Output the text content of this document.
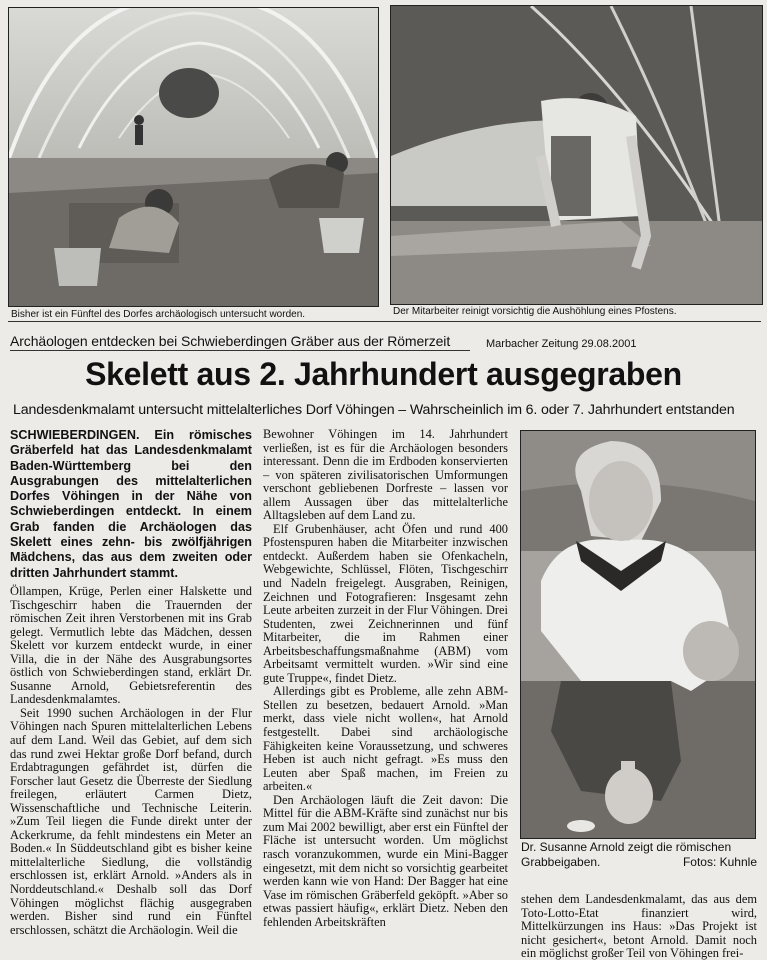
Bisher ist ein Fünftel des Dorfes archäologisch untersucht worden.	Der Mitarbeiter reinigt vorsichtig die Aushöhlung eines Pfostens.
Archäologen entdecken bei Schwieberdingen Gräber aus der Römerzeit	Marbacher Zeitung 29.08.2001
Skelett aus 2. Jahrhundert ausgegraben
Landesdenkmalamt untersucht mittelalterliches Dorf Vöhingen – Wahrscheinlich im 6. oder 7. Jahrhundert entstanden

SCHWIEBERDINGEN. Ein römisches Gräberfeld hat das Landesdenkmalamt Baden-Württemberg bei den Ausgrabungen des mittelalterlichen Dorfes Vöhingen in der Nähe von Schwieberdingen entdeckt. In einem Grab fanden die Archäologen das Skelett eines zehn- bis zwölfjährigen Mädchens, das aus dem zweiten oder dritten Jahrhundert stammt.

Öllampen, Krüge, Perlen einer Halskette und Tischgeschirr haben die Trauernden der römischen Zeit ihren Verstorbenen mit ins Grab gelegt. Vermutlich lebte das Mädchen, dessen Skelett vor kurzem entdeckt wurde, in einer Villa, die in der Nähe des Ausgrabungsortes östlich von Schwieberdingen stand, erklärt Dr. Susanne Arnold, Gebietsreferentin des Landesdenkmalamtes.

Seit 1990 suchen Archäologen in der Flur Vöhingen nach Spuren mittelalterlichen Lebens auf dem Land. Weil das Gebiet, auf dem sich das rund zwei Hektar große Dorf befand, durch Erdabtragungen gefährdet ist, dürfen die Forscher laut Gesetz die Überreste der Siedlung freilegen, erläutert Carmen Dietz, Wissenschaftliche und Technische Leiterin. »Zum Teil liegen die Funde direkt unter der Ackerkrume, da fehlt mindestens ein Meter an Boden.« In Süddeutschland gibt es bisher keine mittelalterliche Siedlung, die vollständig erschlossen ist, erklärt Arnold. »Anders als in Norddeutschland.« Deshalb soll das Dorf Vöhingen möglichst flächig ausgegraben werden. Bisher sind rund ein Fünftel erschlossen, schätzt die Archäologin. Weil die

Bewohner Vöhingen im 14. Jahrhundert verließen, ist es für die Archäologen besonders interessant. Denn die im Erdboden konservierten – von späteren zivilisatorischen Umformungen verschont gebliebenen Dorfreste – lassen vor allem Aussagen über das mittelalterliche Alltagsleben auf dem Land zu.

Elf Grubenhäuser, acht Öfen und rund 400 Pfostenspuren haben die Mitarbeiter inzwischen entdeckt. Außerdem haben sie Ofenkacheln, Webgewichte, Schlüssel, Flöten, Tischgeschirr und Nadeln freigelegt. Ausgraben, Reinigen, Zeichnen und Fotografieren: Insgesamt zehn Leute arbeiten zurzeit in der Flur Vöhingen. Drei Studenten, zwei Zeichnerinnen und fünf Mitarbeiter, die im Rahmen einer Arbeitsbeschaffungsmaßnahme (ABM) vom Arbeitsamt vermittelt wurden. »Wir sind eine gute Truppe«, findet Dietz.

Allerdings gibt es Probleme, alle zehn ABM-Stellen zu besetzen, bedauert Arnold. »Man merkt, dass viele nicht wollen«, hat Arnold festgestellt. Dabei sind archäologische Fähigkeiten keine Voraussetzung, und schweres Heben ist auch nicht gefragt. »Es muss den Leuten aber Spaß machen, im Freien zu arbeiten.«

Den Archäologen läuft die Zeit davon: Die Mittel für die ABM-Kräfte sind zunächst nur bis zum Mai 2002 bewilligt, aber erst ein Fünftel der Fläche ist untersucht worden. Um möglichst rasch voranzukommen, wurde ein Mini-Bagger eingesetzt, mit dem nicht so vorsichtig gearbeitet werden kann wie von Hand: Der Bagger hat eine Vase im römischen Gräberfeld geköpft. »Aber so etwas passiert häufig«, erklärt Dietz. Neben den fehlenden Arbeitskräften

Dr. Susanne Arnold zeigt die römischen Grabbeigaben.	Fotos: Kuhnle

stehen dem Landesdenkmalamt, das aus dem Toto-Lotto-Etat finanziert wird, Mittelkürzungen ins Haus: »Das Projekt ist nicht gesichert«, betont Arnold. Damit noch ein möglichst großer Teil von Vöhingen frei-
